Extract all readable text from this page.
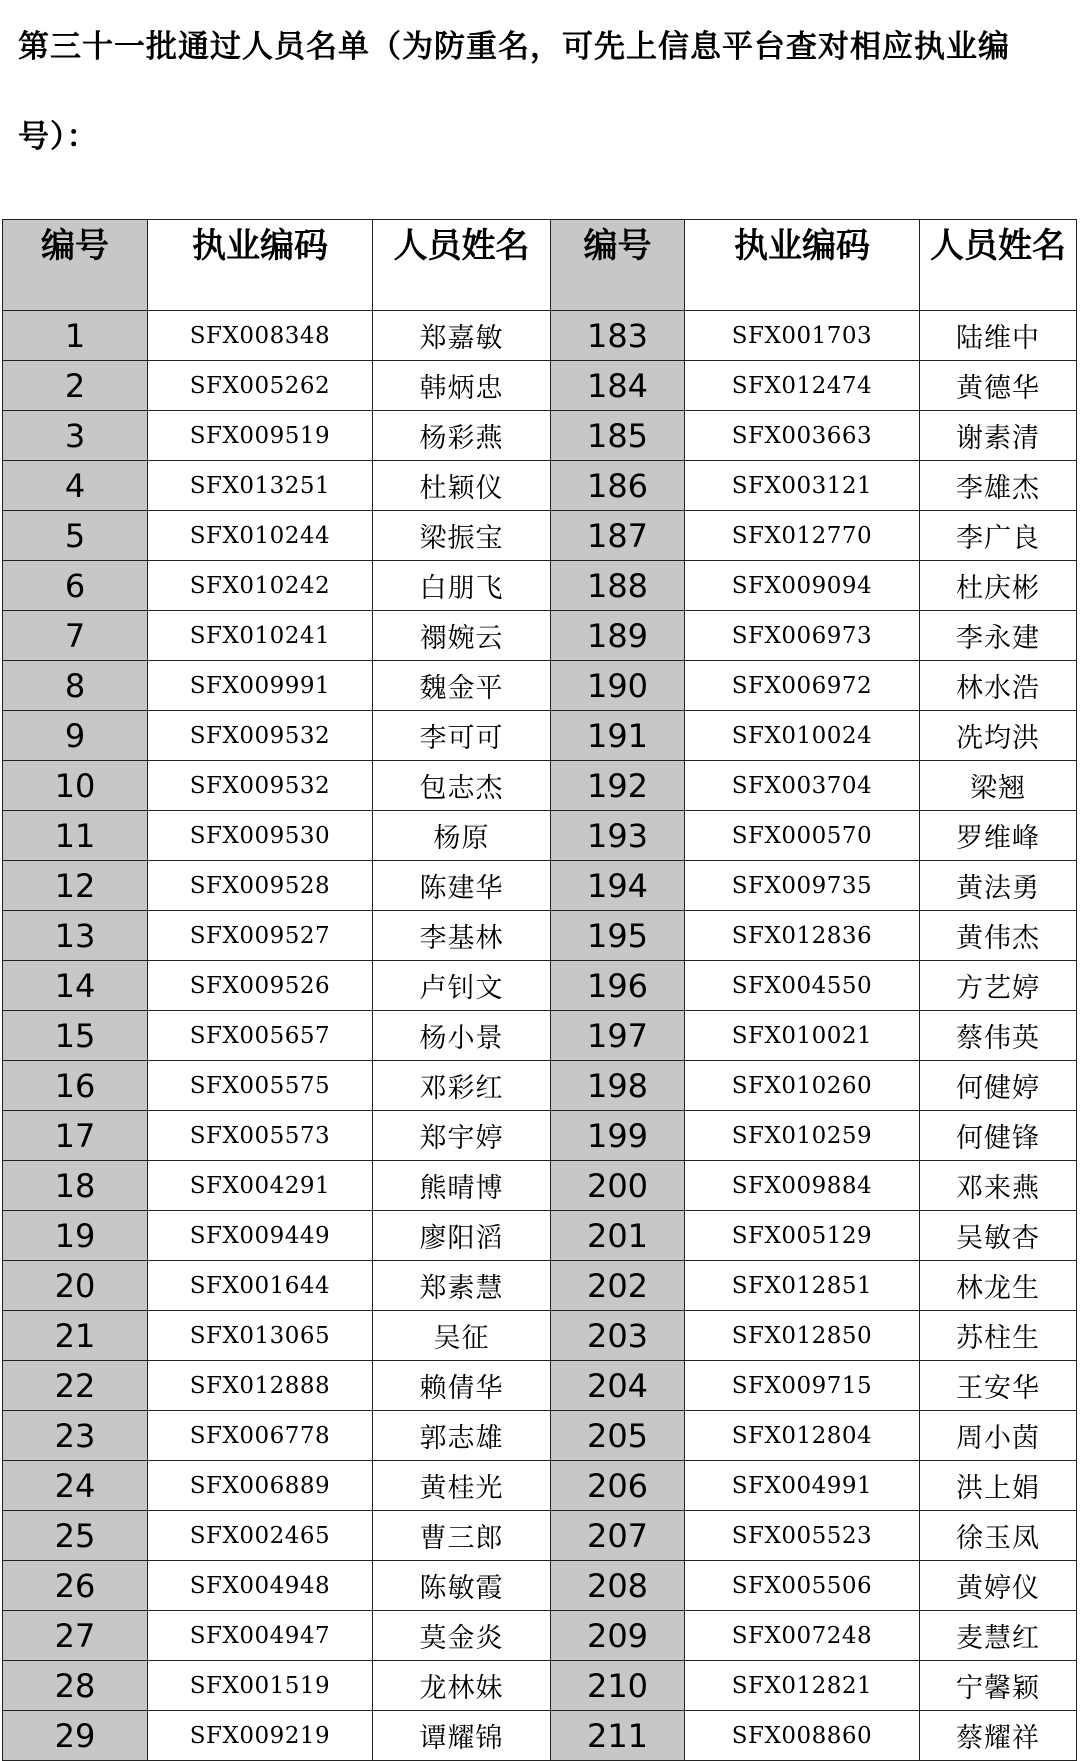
第三十一批通过人员名单（为防重名，可先上信息平台查对相应执业编号）：
编号	执业编码	人员姓名	编号	执业编码	人员姓名
1	SFX008348	郑嘉敏	183	SFX001703	陆维中
2	SFX005262	韩炳忠	184	SFX012474	黄德华
3	SFX009519	杨彩燕	185	SFX003663	谢素清
4	SFX013251	杜颖仪	186	SFX003121	李雄杰
5	SFX010244	梁振宝	187	SFX012770	李广良
6	SFX010242	白朋飞	188	SFX009094	杜庆彬
7	SFX010241	禤婉云	189	SFX006973	李永建
8	SFX009991	魏金平	190	SFX006972	林水浩
9	SFX009532	李可可	191	SFX010024	冼均洪
10	SFX009532	包志杰	192	SFX003704	梁翘
11	SFX009530	杨原	193	SFX000570	罗维峰
12	SFX009528	陈建华	194	SFX009735	黄法勇
13	SFX009527	李基林	195	SFX012836	黄伟杰
14	SFX009526	卢钊文	196	SFX004550	方艺婷
15	SFX005657	杨小景	197	SFX010021	蔡伟英
16	SFX005575	邓彩红	198	SFX010260	何健婷
17	SFX005573	郑宇婷	199	SFX010259	何健锋
18	SFX004291	熊晴博	200	SFX009884	邓来燕
19	SFX009449	廖阳滔	201	SFX005129	吴敏杏
20	SFX001644	郑素慧	202	SFX012851	林龙生
21	SFX013065	吴征	203	SFX012850	苏柱生
22	SFX012888	赖倩华	204	SFX009715	王安华
23	SFX006778	郭志雄	205	SFX012804	周小茵
24	SFX006889	黄桂光	206	SFX004991	洪上娟
25	SFX002465	曹三郎	207	SFX005523	徐玉凤
26	SFX004948	陈敏霞	208	SFX005506	黄婷仪
27	SFX004947	莫金炎	209	SFX007248	麦慧红
28	SFX001519	龙林妹	210	SFX012821	宁馨颖
29	SFX009219	谭耀锦	211	SFX008860	蔡耀祥
